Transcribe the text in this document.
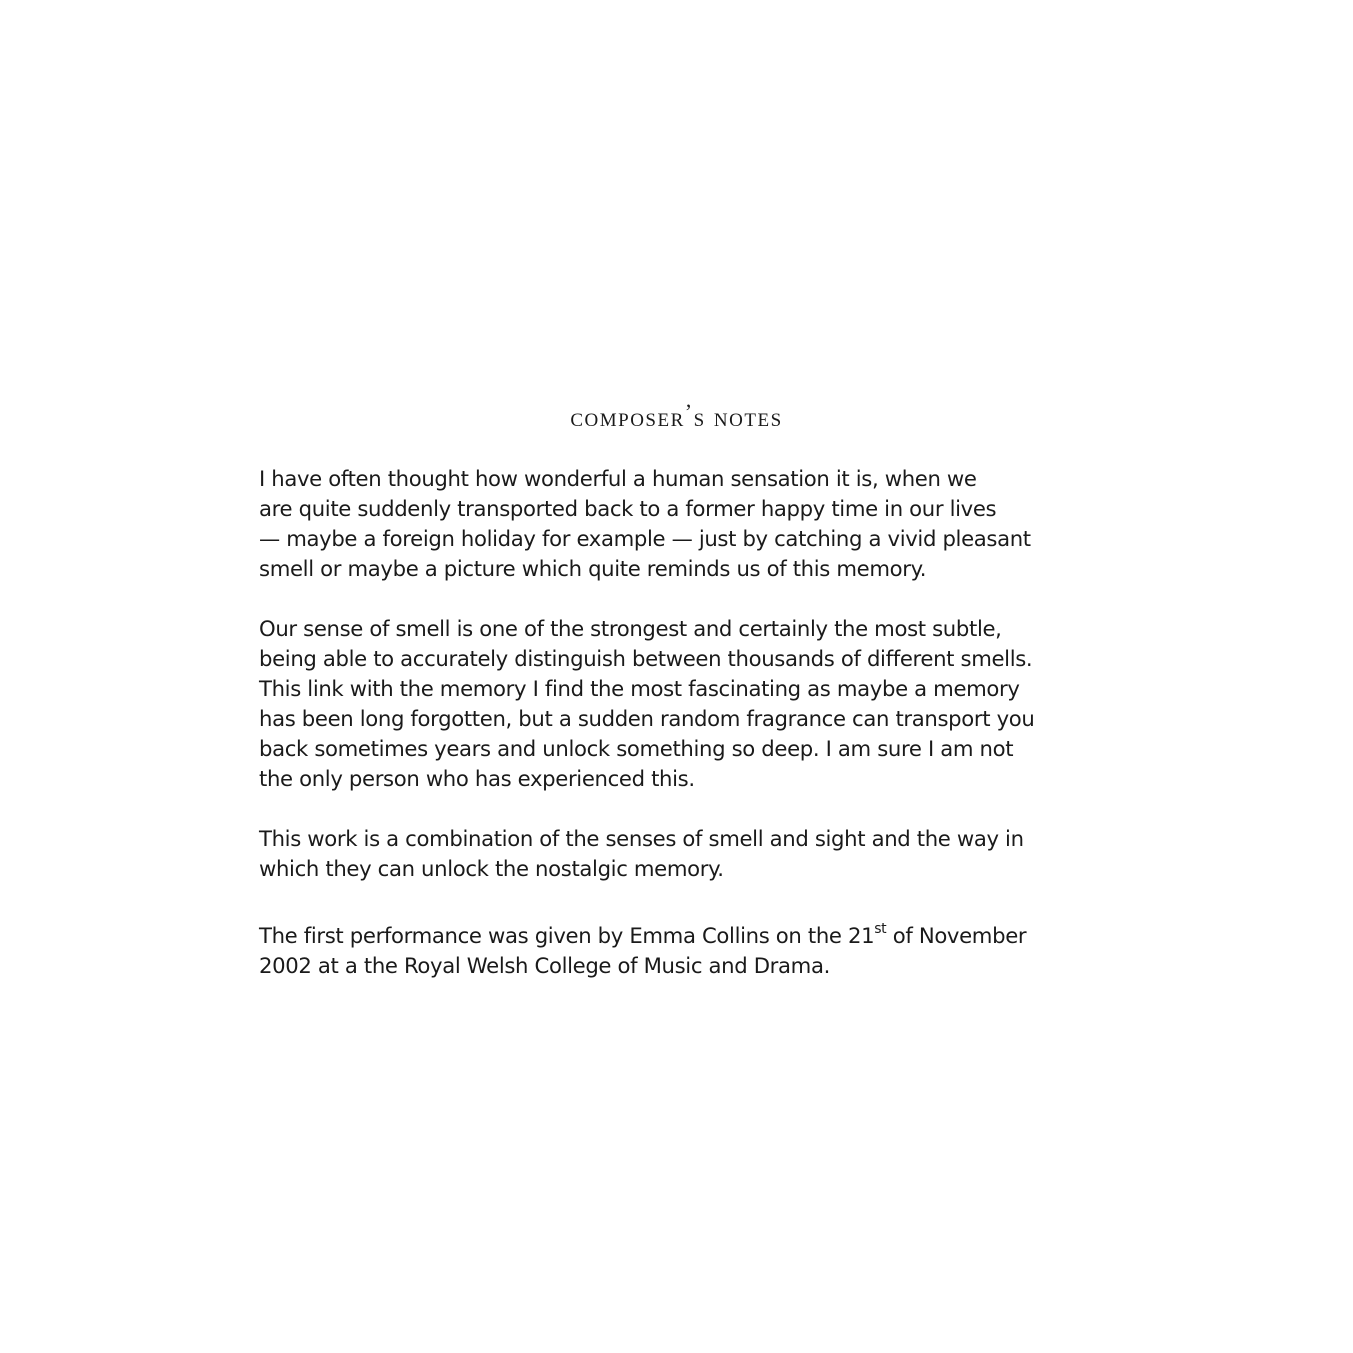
composer’s notes

I have often thought how wonderful a human sensation it is, when we
are quite suddenly transported back to a former happy time in our lives
— maybe a foreign holiday for example — just by catching a vivid pleasant
smell or maybe a picture which quite reminds us of this memory.

Our sense of smell is one of the strongest and certainly the most subtle,
being able to accurately distinguish between thousands of different smells.
This link with the memory I find the most fascinating as maybe a memory
has been long forgotten, but a sudden random fragrance can transport you
back sometimes years and unlock something so deep. I am sure I am not
the only person who has experienced this.

This work is a combination of the senses of smell and sight and the way in
which they can unlock the nostalgic memory.

The first performance was given by Emma Collins on the 21st of November
2002 at a the Royal Welsh College of Music and Drama.
